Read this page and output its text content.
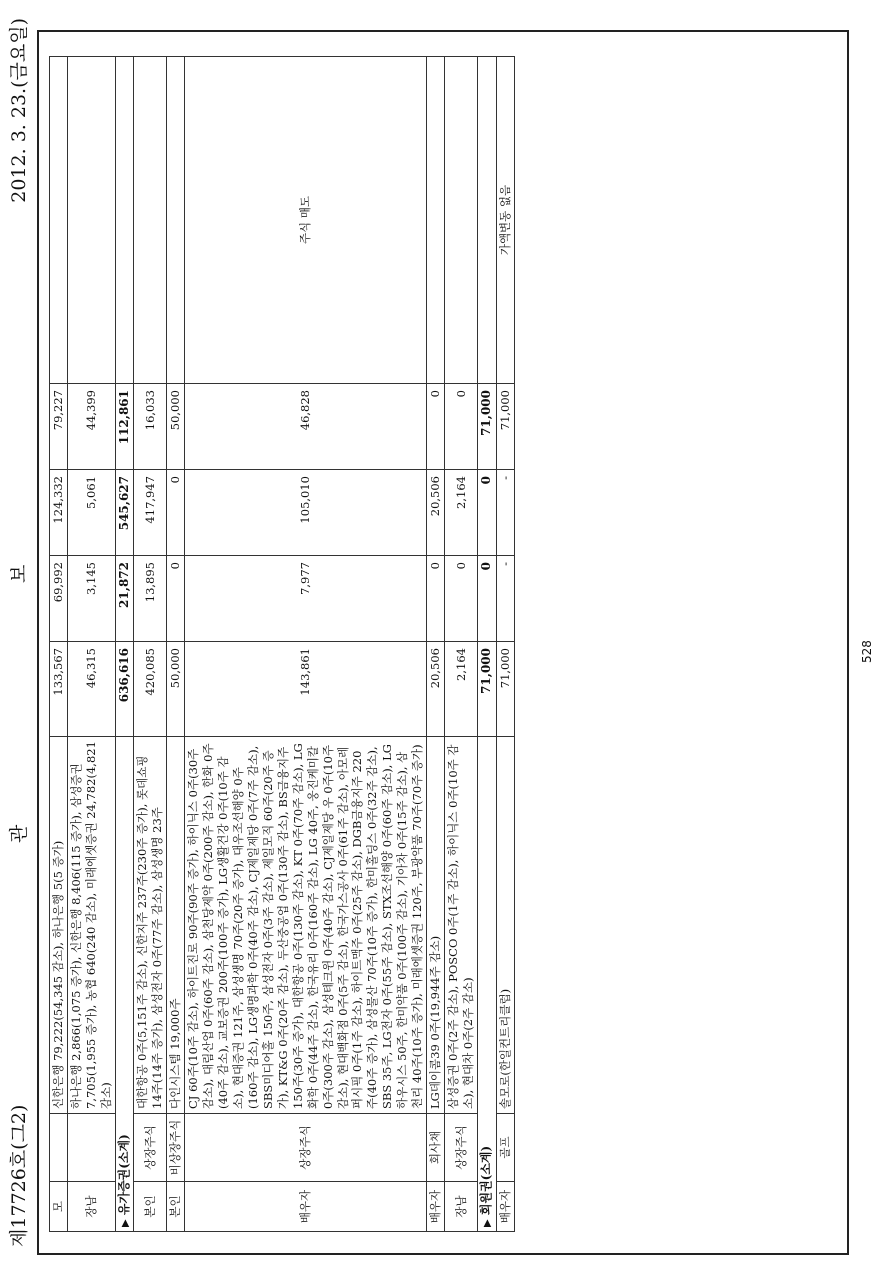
제17726호(그2)
관
보
2012. 3. 23.(금요일)
모		신한은행 79,222(54,345 감소), 하나은행 5(5 증가)	133,567	69,992	124,332	79,227	
장남		하나은행 2,866(1,075 증가), 신한은행 8,406(115 증가), 삼성증권 7,705(1,955 증가), 농협 640(240 감소), 미래에셋증권 24,782(4,821 감소)	46,315	3,145	5,061	44,399	
▶ 유가증권(소계)			636,616	21,872	545,627	112,861	
본인	상장주식	대한항공 0주(5,151주 감소), 신한지주 237주(230주 증가), 롯데쇼핑 14주(14주 증가), 삼성전자 0주(77주 감소), 삼성생명 23주	420,085	13,895	417,947	16,033	
본인	비상장주식	다인시스템 19,000주	50,000	0	0	50,000	
배우자	상장주식	CJ 60주(10주 감소), 하이트진로 90주(90주 증가), 하이닉스 0주(30주 감소), 대림산업 0주(60주 감소), 삼천당제약 0주(200주 감소), 한화 0주(40주 감소), 교보증권 200주(100주 증가), LG생활건강 0주(10주 감소), 현대증권 121주, 삼성생명 70주(20주 증가), 대우조선해양 0주(160주 감소), LG생명과학 0주(40주 감소), CJ제일제당 0주(7주 감소), SBS미디어홀 150주, 삼성전자 0주(3주 감소), 제일모직 60주(20주 증가), KT&G 0주(20주 감소), 두산중공업 0주(130주 감소), BS금융지주 150주(30주 증가), 대한항공 0주(130주 감소), KT 0주(70주 감소), LG화학 0주(44주 감소), 한국유리 0주(160주 감소), LG 40주, 웅진케미칼 0주(300주 감소), 삼성테크윈 0주(40주 감소), CJ제일제당 우 0주(10주 감소), 현대백화점 0주(5주 감소), 한국가스공사 0주(61주 감소), 아모레퍼시픽 0주(1주 감소), 하이트맥주 0주(25주 감소), DGB금융지주 220주(40주 증가), 삼성물산 70주(10주 증가), 한미홀딩스 0주(32주 감소), SBS 35주, LG전자 0주(55주 감소), STX조선해양 0주(60주 감소), LG하우시스 50주, 한미약품 0주(100주 감소), 기아차 0주(15주 감소), 삼천리 40주(10주 증가), 미래에셋증권 120주, 부광약품 70주(70주 증가)	143,861	7,977	105,010	46,828	주식 매도
배우자	회사채	LG데이콤39 0주(19,944주 감소)	20,506	0	20,506	0	
장남	상장주식	삼성증권 0주(2주 감소), POSCO 0주(1주 감소), 하이닉스 0주(10주 감소), 현대차 0주(2주 감소)	2,164	0	2,164	0	
▶ 회원권(소계)			71,000	0	0	71,000	
배우자	골프	솔모로(한일컨트리클럽)	71,000	-	-	71,000	가액변동 없음
528
